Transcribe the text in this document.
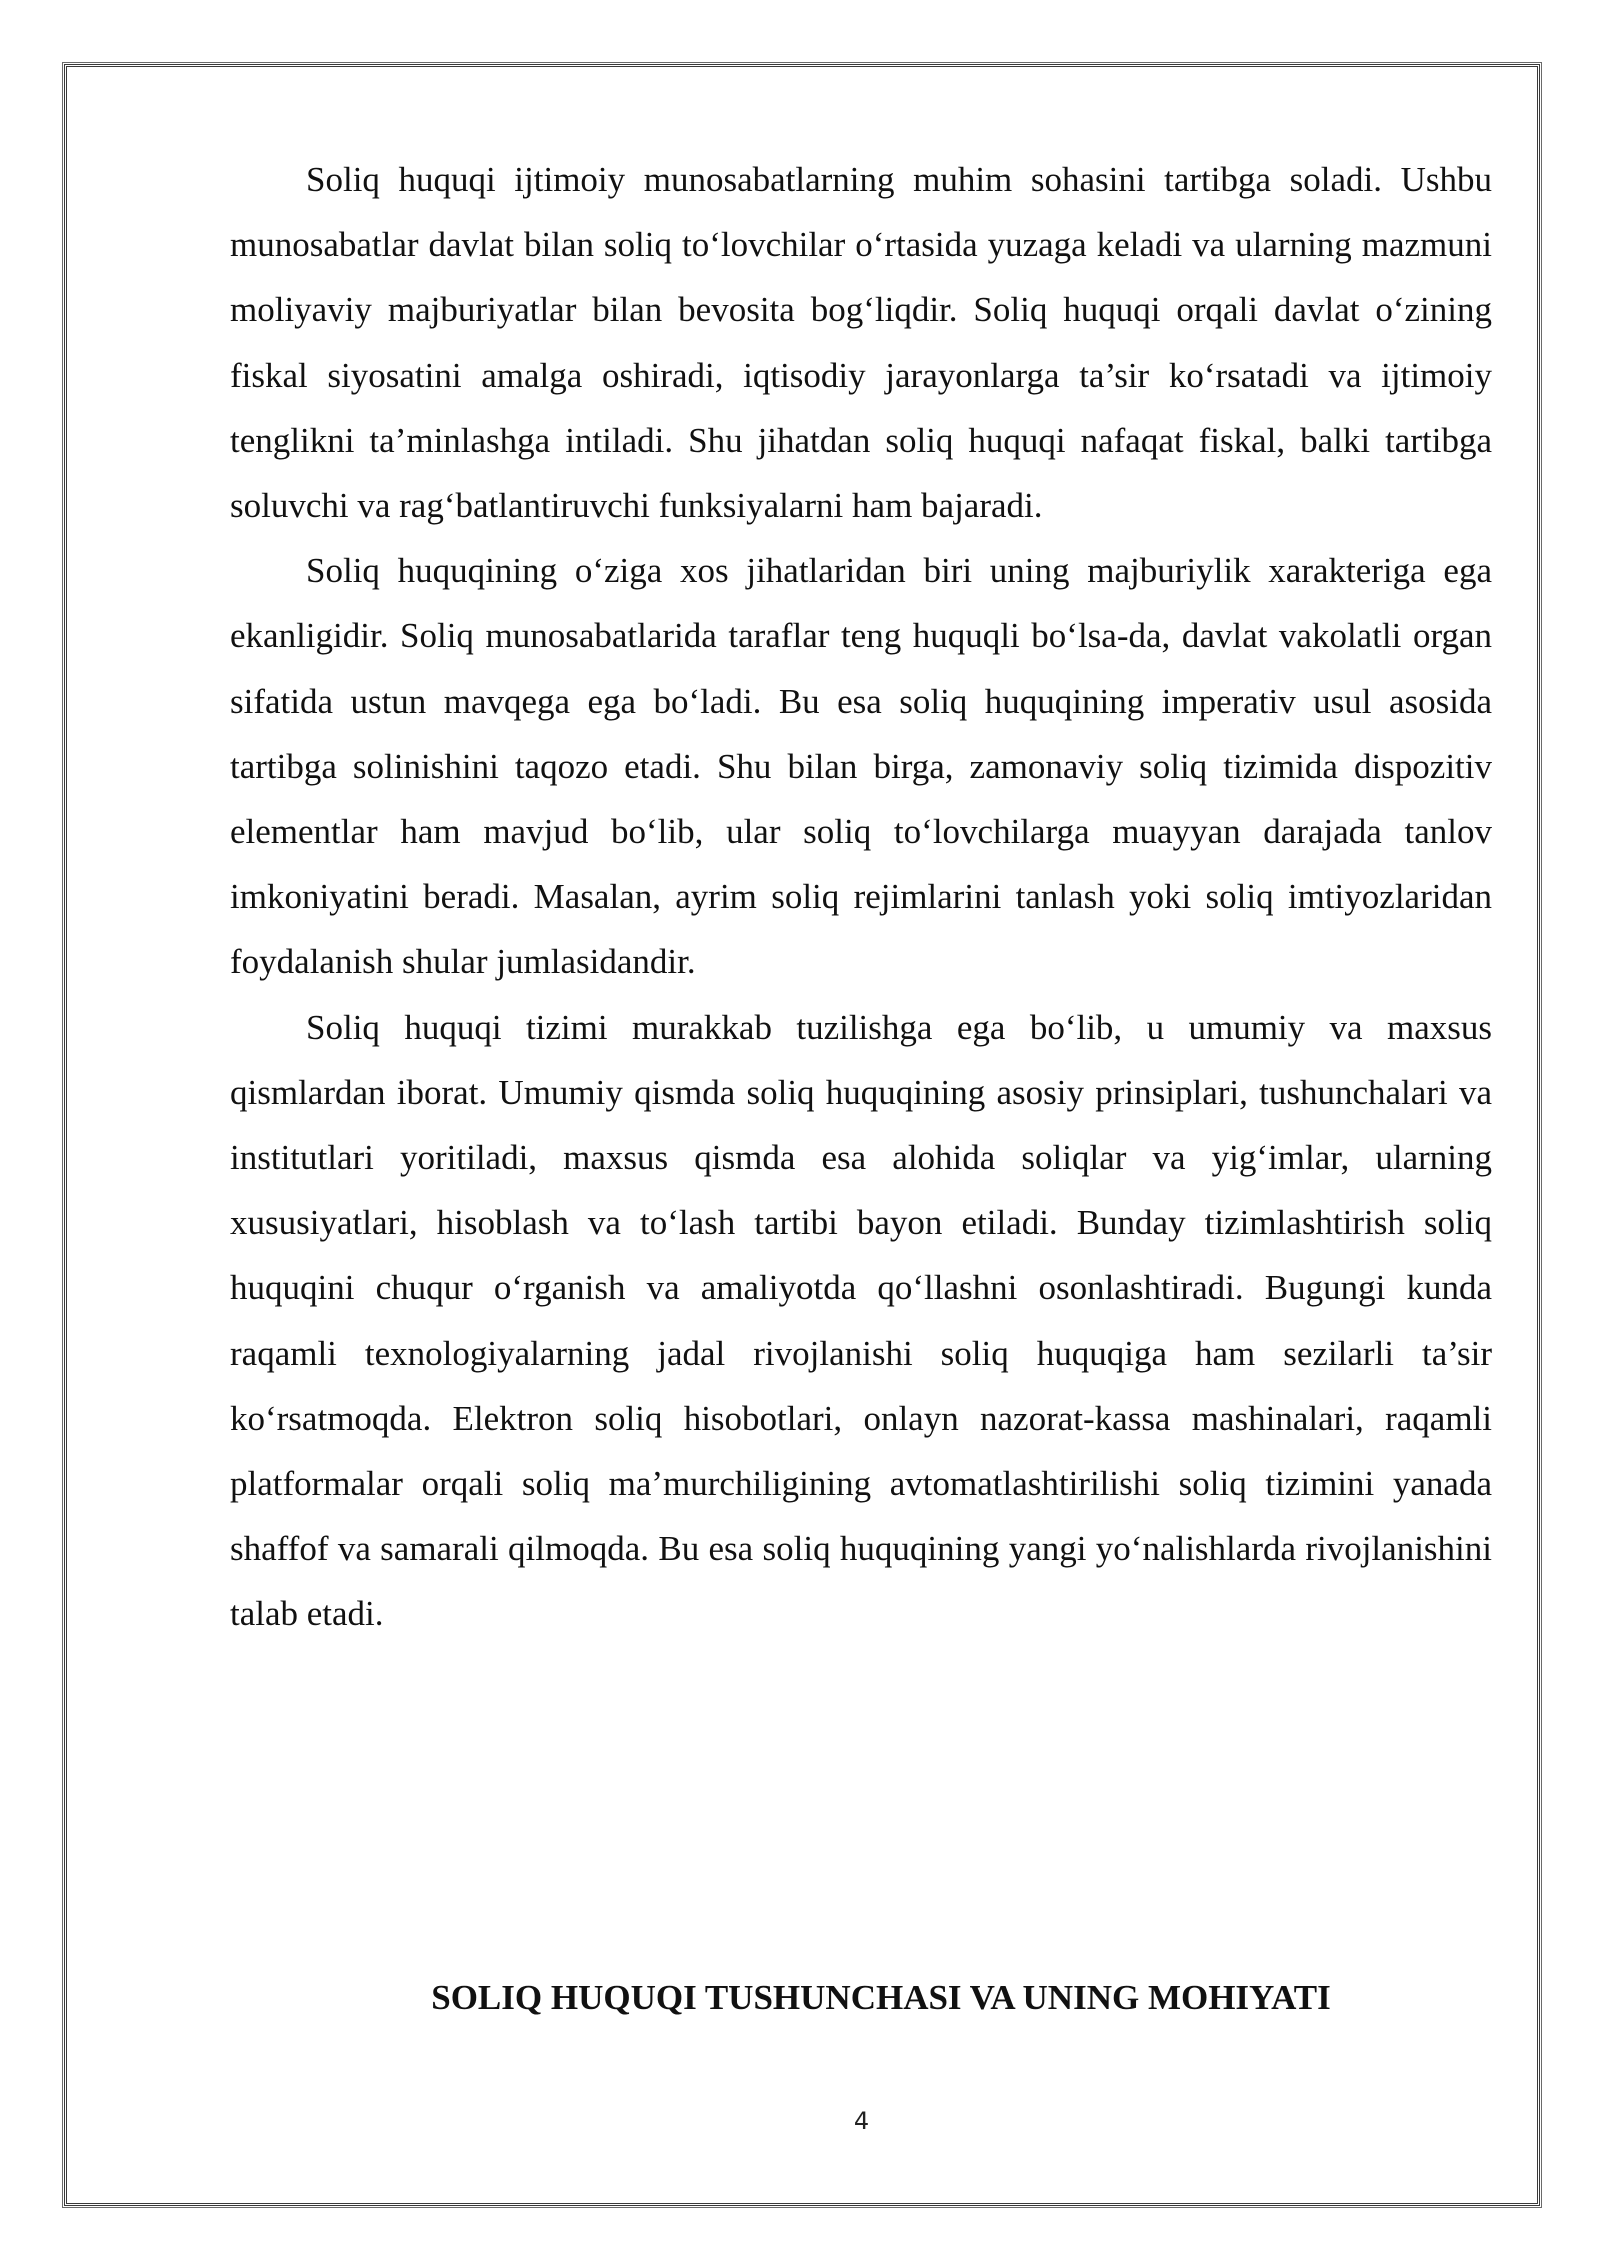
Soliq huquqi ijtimoiy munosabatlarning muhim sohasini tartibga soladi. Ushbu munosabatlar davlat bilan soliq to‘lovchilar o‘rtasida yuzaga keladi va ularning mazmuni moliyaviy majburiyatlar bilan bevosita bog‘liqdir. Soliq huquqi orqali davlat o‘zining fiskal siyosatini amalga oshiradi, iqtisodiy jarayonlarga ta’sir ko‘rsatadi va ijtimoiy tenglikni ta’minlashga intiladi. Shu jihatdan soliq huquqi nafaqat fiskal, balki tartibga soluvchi va rag‘batlantiruvchi funksiyalarni ham bajaradi.

Soliq huquqining o‘ziga xos jihatlaridan biri uning majburiylik xarakteriga ega ekanligidir. Soliq munosabatlarida taraflar teng huquqli bo‘lsa-da, davlat vakolatli organ sifatida ustun mavqega ega bo‘ladi. Bu esa soliq huquqining imperativ usul asosida tartibga solinishini taqozo etadi. Shu bilan birga, zamonaviy soliq tizimida dispozitiv elementlar ham mavjud bo‘lib, ular soliq to‘lovchilarga muayyan darajada tanlov imkoniyatini beradi. Masalan, ayrim soliq rejimlarini tanlash yoki soliq imtiyozlaridan foydalanish shular jumlasidandir.

Soliq huquqi tizimi murakkab tuzilishga ega bo‘lib, u umumiy va maxsus qismlardan iborat. Umumiy qismda soliq huquqining asosiy prinsiplari, tushunchalari va institutlari yoritiladi, maxsus qismda esa alohida soliqlar va yig‘imlar, ularning xususiyatlari, hisoblash va to‘lash tartibi bayon etiladi. Bunday tizimlashtirish soliq huquqini chuqur o‘rganish va amaliyotda qo‘llashni osonlashtiradi. Bugungi kunda raqamli texnologiyalarning jadal rivojlanishi soliq huquqiga ham sezilarli ta’sir ko‘rsatmoqda. Elektron soliq hisobotlari, onlayn nazorat-kassa mashinalari, raqamli platformalar orqali soliq ma’murchiligining avtomatlashtirilishi soliq tizimini yanada shaffof va samarali qilmoqda. Bu esa soliq huquqining yangi yo‘nalishlarda rivojlanishini talab etadi.

SOLIQ HUQUQI TUSHUNCHASI VA UNING MOHIYATI
4
